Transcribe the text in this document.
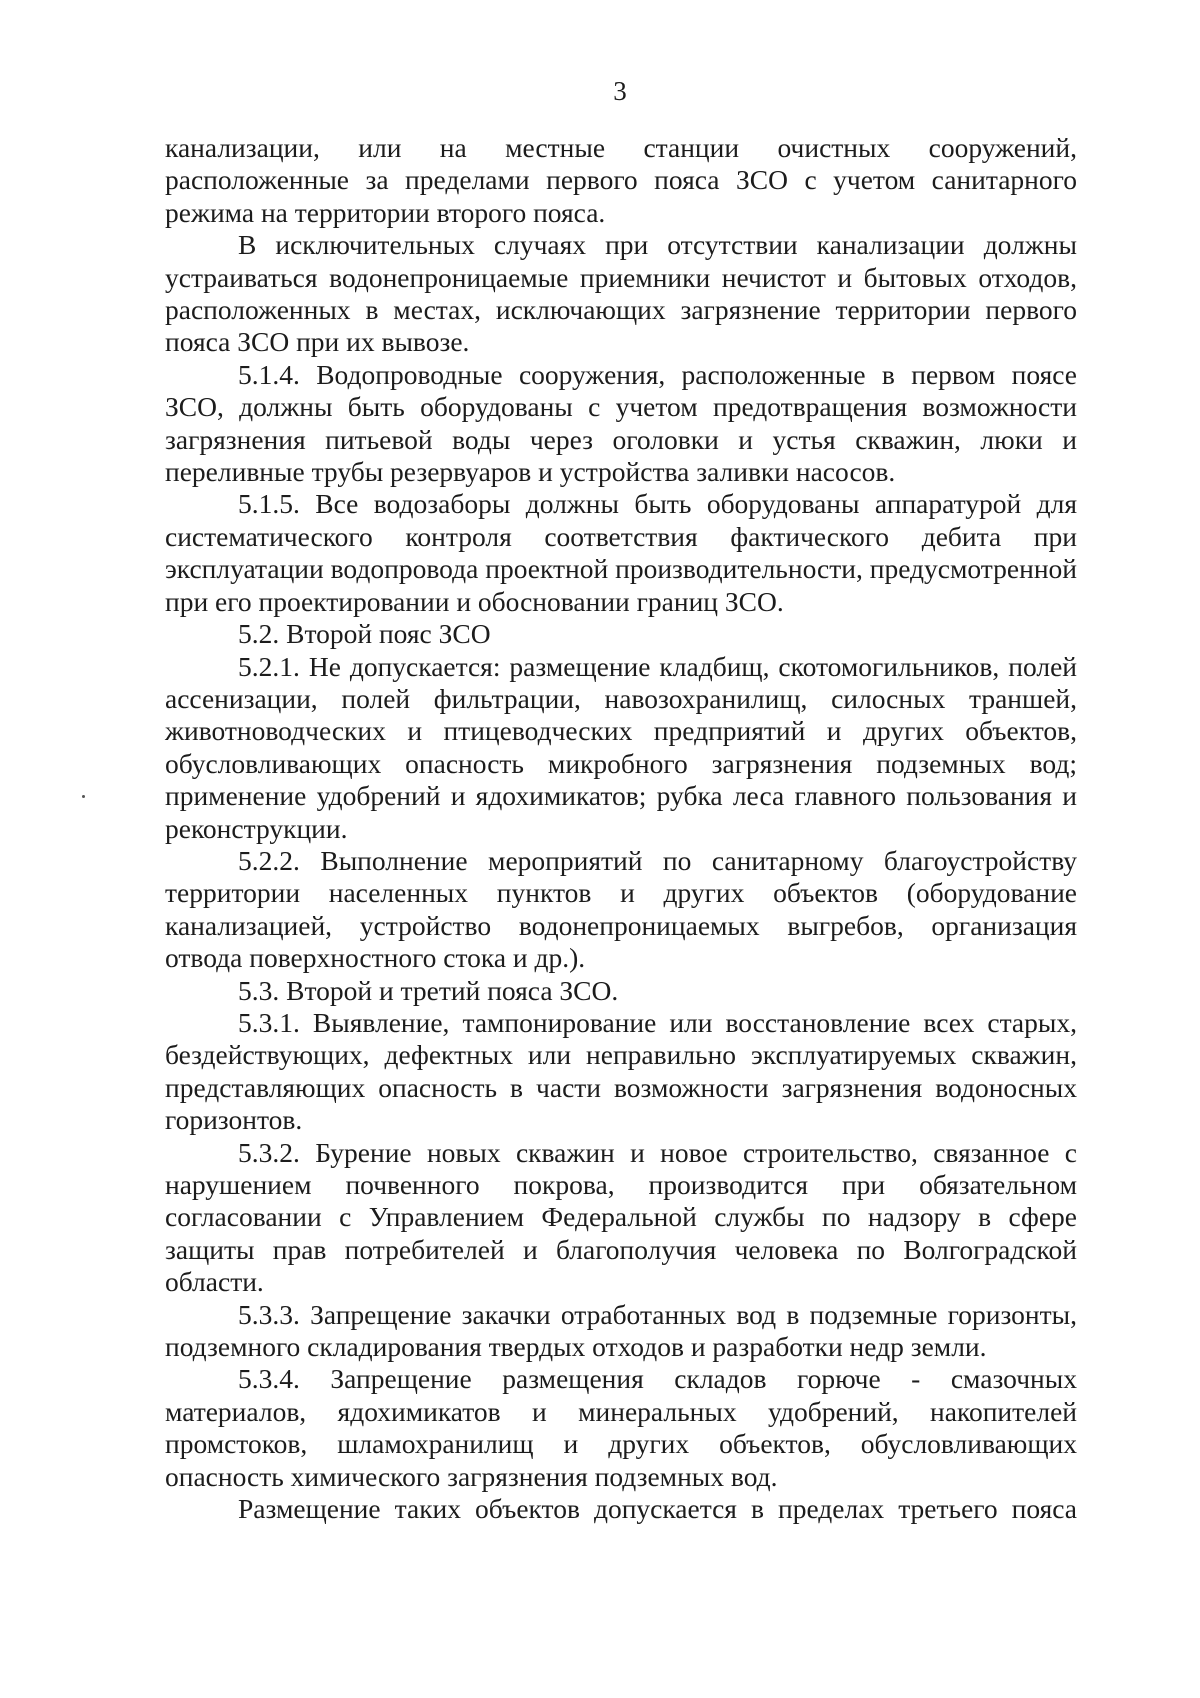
3

канализации, или на местные станции очистных сооружений, расположенные за пределами первого пояса ЗСО с учетом санитарного режима на территории второго пояса.

В исключительных случаях при отсутствии канализации должны устраиваться водонепроницаемые приемники нечистот и бытовых отходов, расположенных в местах, исключающих загрязнение территории первого пояса ЗСО при их вывозе.

5.1.4. Водопроводные сооружения, расположенные в первом поясе ЗСО, должны быть оборудованы с учетом предотвращения возможности загрязнения питьевой воды через оголовки и устья скважин, люки и переливные трубы резервуаров и устройства заливки насосов.

5.1.5. Все водозаборы должны быть оборудованы аппаратурой для систематического контроля соответствия фактического дебита при эксплуатации водопровода проектной производительности, предусмотренной при его проектировании и обосновании границ ЗСО.

5.2. Второй пояс ЗСО

5.2.1. Не допускается: размещение кладбищ, скотомогильников, полей ассенизации, полей фильтрации, навозохранилищ, силосных траншей, животноводческих и птицеводческих предприятий и других объектов, обусловливающих опасность микробного загрязнения подземных вод; применение удобрений и ядохимикатов; рубка леса главного пользования и реконструкции.

5.2.2. Выполнение мероприятий по санитарному благоустройству территории населенных пунктов и других объектов (оборудование канализацией, устройство водонепроницаемых выгребов, организация отвода поверхностного стока и др.).

5.3. Второй и третий пояса ЗСО.

5.3.1. Выявление, тампонирование или восстановление всех старых, бездействующих, дефектных или неправильно эксплуатируемых скважин, представляющих опасность в части возможности загрязнения водоносных горизонтов.

5.3.2. Бурение новых скважин и новое строительство, связанное с нарушением почвенного покрова, производится при обязательном согласовании с Управлением Федеральной службы по надзору в сфере защиты прав потребителей и благополучия человека по Волгоградской области.

5.3.3. Запрещение закачки отработанных вод в подземные горизонты, подземного складирования твердых отходов и разработки недр земли.

5.3.4. Запрещение размещения складов горюче - смазочных материалов, ядохимикатов и минеральных удобрений, накопителей промстоков, шламохранилищ и других объектов, обусловливающих опасность химического загрязнения подземных вод.

Размещение таких объектов допускается в пределах третьего пояса
